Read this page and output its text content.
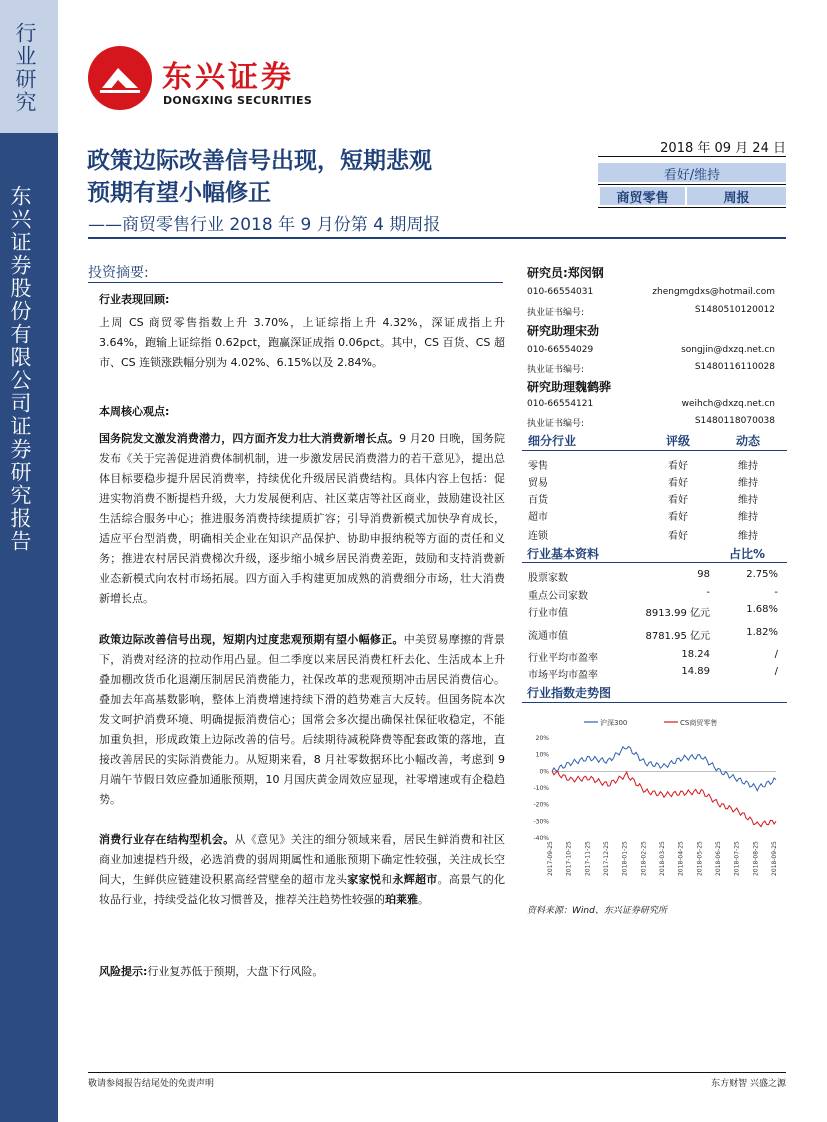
行业研究
东兴证券股份有限公司证券研究报告
东兴证券
DONGXING SECURITIES
2018 年 09 月 24 日
看好/维持
商贸零售	周报
政策边际改善信号出现，短期悲观
预期有望小幅修正
——商贸零售行业 2018 年 9 月份第 4 期周报
投资摘要:
行业表现回顾:
上周 CS 商贸零售指数上升 3.70%，上证综指上升 4.32%，深证成指上升 3.64%，跑输上证综指 0.62pct，跑赢深证成指 0.06pct。其中，CS 百货、CS 超市、CS 连锁涨跌幅分别为 4.02%、6.15%以及 2.84%。
本周核心观点:
国务院发文激发消费潜力，四方面齐发力壮大消费新增长点。9 月20 日晚，国务院发布《关于完善促进消费体制机制，进一步激发居民消费潜力的若干意见》，提出总体目标要稳步提升居民消费率，持续优化升级居民消费结构。具体内容上包括：促进实物消费不断提档升级，大力发展便利店、社区菜店等社区商业，鼓励建设社区生活综合服务中心；推进服务消费持续提质扩容；引导消费新模式加快孕育成长，适应平台型消费，明确相关企业在知识产品保护、协助申报纳税等方面的责任和义务；推进农村居民消费梯次升级，逐步缩小城乡居民消费差距，鼓励和支持消费新业态新模式向农村市场拓展。四方面入手构建更加成熟的消费细分市场，壮大消费新增长点。
政策边际改善信号出现，短期内过度悲观预期有望小幅修正。中美贸易摩擦的背景下，消费对经济的拉动作用凸显。但二季度以来居民消费杠杆去化、生活成本上升叠加棚改货币化退潮压制居民消费能力，社保改革的悲观预期冲击居民消费信心。叠加去年高基数影响，整体上消费增速持续下滑的趋势难言大反转。但国务院本次发文呵护消费环境、明确提振消费信心；国常会多次提出确保社保征收稳定，不能加重负担，形成政策上边际改善的信号。后续期待减税降费等配套政策的落地，直接改善居民的实际消费能力。从短期来看，8 月社零数据环比小幅改善，考虑到 9 月端午节假日效应叠加通胀预期，10 月国庆黄金周效应显现，社零增速或有企稳趋势。
消费行业存在结构型机会。从《意见》关注的细分领域来看，居民生鲜消费和社区商业加速提档升级，必选消费的弱周期属性和通胀预期下确定性较强，关注成长空间大，生鲜供应链建设积累高经营壁垒的超市龙头家家悦和永辉超市。高景气的化妆品行业，持续受益化妆习惯普及，推荐关注趋势性较强的珀莱雅。
风险提示:行业复苏低于预期，大盘下行风险。
研究员:郑闵钢
010-66554031	zhengmgdxs@hotmail.com
执业证书编号:	S1480510120012
研究助理宋劲
010-66554029	songjin@dxzq.net.cn
执业证书编号:	S1480116110028
研究助理魏鹤骅
010-66554121	weihch@dxzq.net.cn
执业证书编号:	S1480118070038
细分行业	评级	动态
零售	看好	维持
贸易	看好	维持
百货	看好	维持
超市	看好	维持
连锁	看好	维持
行业基本资料	占比%
股票家数	98	2.75%
重点公司家数	-	-
行业市值	8913.99 亿元	1.68%
流通市值	8781.95 亿元	1.82%
行业平均市盈率	18.24	/
市场平均市盈率	14.89	/
行业指数走势图
沪深300	CS商贸零售
20%
10%
0%
-10%
-20%
-30%
-40%
2017-09-25 2017-10-25 2017-11-25 2017-12-25 2018-01-25 2018-02-25 2018-03-25 2018-04-25 2018-05-25 2018-06-25 2018-07-25 2018-08-25 2018-09-25
资料来源：Wind、东兴证券研究所
敬请参阅报告结尾处的免责声明	东方财智 兴盛之源
